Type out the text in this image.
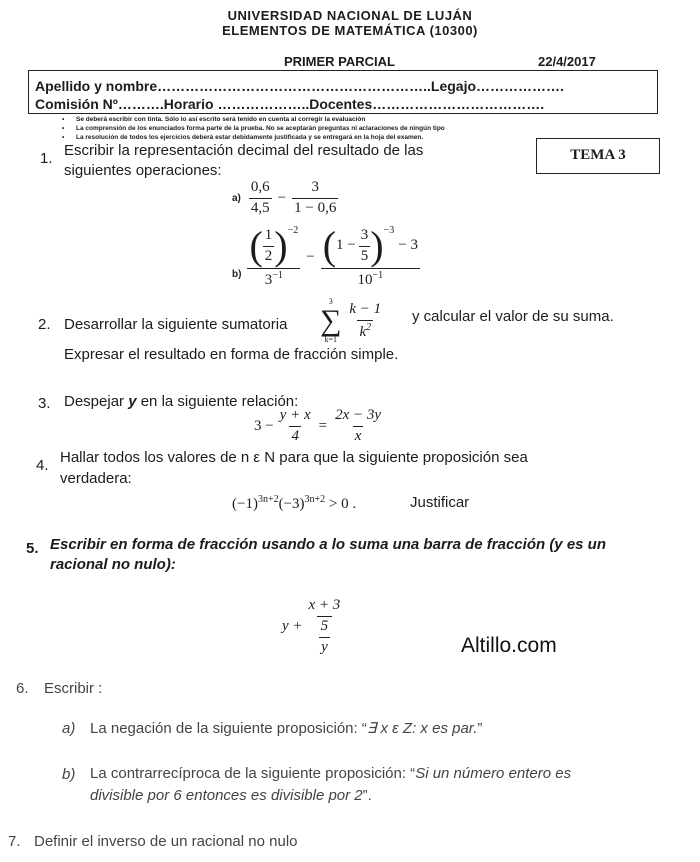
UNIVERSIDAD NACIONAL DE LUJÁN
ELEMENTOS DE MATEMÁTICA (10300)
PRIMER PARCIAL	22/4/2017
Apellido y nombre…………………………………………………..Legajo……………….
Comisión Nº……….Horario ………………..Docentes……………………………….
• Se deberá escribir con tinta. Sólo lo así escrito será tenido en cuenta al corregir la evaluación
• La comprensión de los enunciados forma parte de la prueba. No se aceptarán preguntas ni aclaraciones de ningún tipo
• La resolución de todos los ejercicios deberá estar debidamente justificada y se entregará en la hoja del examen.
TEMA 3
1. Escribir la representación decimal del resultado de las
siguientes operaciones:
$a) \frac{0,6}{4,5} - \frac{3}{1 - 0,6}$
$b) \frac{( \frac{1}{2} )^{-2}}{3^{-1}}$ − ( $1 - \frac{3}{5} )^{-3}$
− 3
$10^{-1}$
2. Desarrollar la siguiente sumatoria
3
∑
$k=1 \frac{k - 1}{k^2}$ y calcular el valor de su suma.
Expresar el resultado en forma de fracción simple.
3. Despejar y en la siguiente relación:
$3 - \frac{y + x}{4} = \frac{2x - 3y}{x}$
4. Hallar todos los valores de n ε N para que la siguiente proposición sea
verdadera:
$(-1)^{3n+2}(-3)^{3n+2} > 0$ .	Justificar
5. Escribir en forma de fracción usando a lo suma una barra de fracción (y es un
racional no nulo):
$y + \frac{x + 3}{\frac{5}{y}}$	Altillo.com
6. Escribir :
a) La negación de la siguiente proposición: “∃ x ε Z: x es par.”
b) La contrarrecíproca de la siguiente proposición: “Si un número entero es
divisible por 6 entonces es divisible por 2”.
7. Definir el inverso de un racional no nulo
